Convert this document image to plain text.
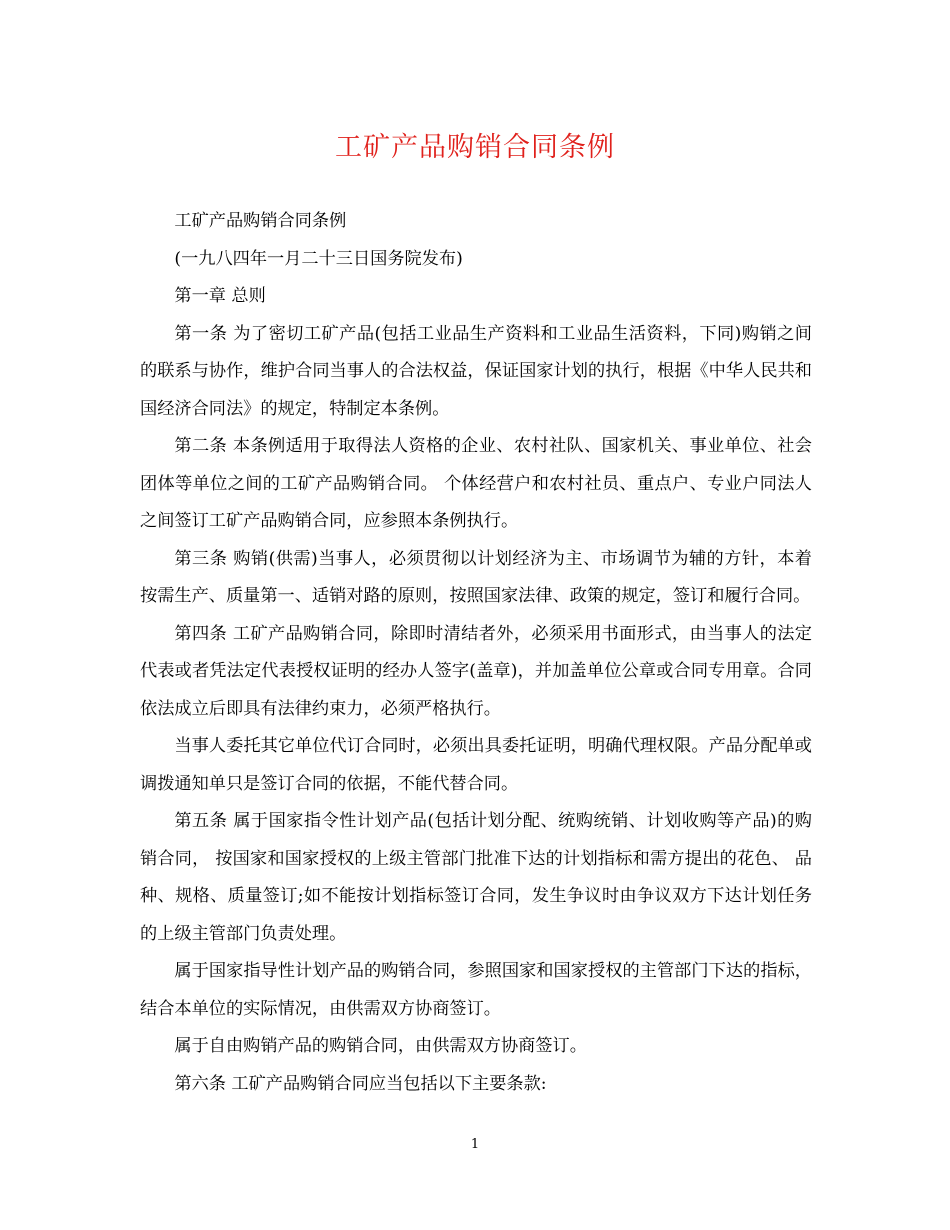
工矿产品购销合同条例

工矿产品购销合同条例

(一九八四年一月二十三日国务院发布)

第一章 总则

第一条 为了密切工矿产品(包括工业品生产资料和工业品生活资料，下同)购销之间的联系与协作，维护合同当事人的合法权益，保证国家计划的执行，根据《中华人民共和国经济合同法》的规定，特制定本条例。

第二条 本条例适用于取得法人资格的企业、农村社队、国家机关、事业单位、社会团体等单位之间的工矿产品购销合同。 个体经营户和农村社员、重点户、专业户同法人之间签订工矿产品购销合同，应参照本条例执行。

第三条 购销(供需)当事人，必须贯彻以计划经济为主、市场调节为辅的方针，本着按需生产、质量第一、适销对路的原则，按照国家法律、政策的规定，签订和履行合同。

第四条 工矿产品购销合同，除即时清结者外，必须采用书面形式，由当事人的法定代表或者凭法定代表授权证明的经办人签字(盖章)，并加盖单位公章或合同专用章。合同依法成立后即具有法律约束力，必须严格执行。

当事人委托其它单位代订合同时，必须出具委托证明，明确代理权限。产品分配单或调拨通知单只是签订合同的依据，不能代替合同。

第五条 属于国家指令性计划产品(包括计划分配、统购统销、计划收购等产品)的购销合同， 按国家和国家授权的上级主管部门批准下达的计划指标和需方提出的花色、 品种、规格、质量签订;如不能按计划指标签订合同，发生争议时由争议双方下达计划任务的上级主管部门负责处理。

属于国家指导性计划产品的购销合同，参照国家和国家授权的主管部门下达的指标，结合本单位的实际情况，由供需双方协商签订。

属于自由购销产品的购销合同，由供需双方协商签订。

第六条 工矿产品购销合同应当包括以下主要条款:

1
